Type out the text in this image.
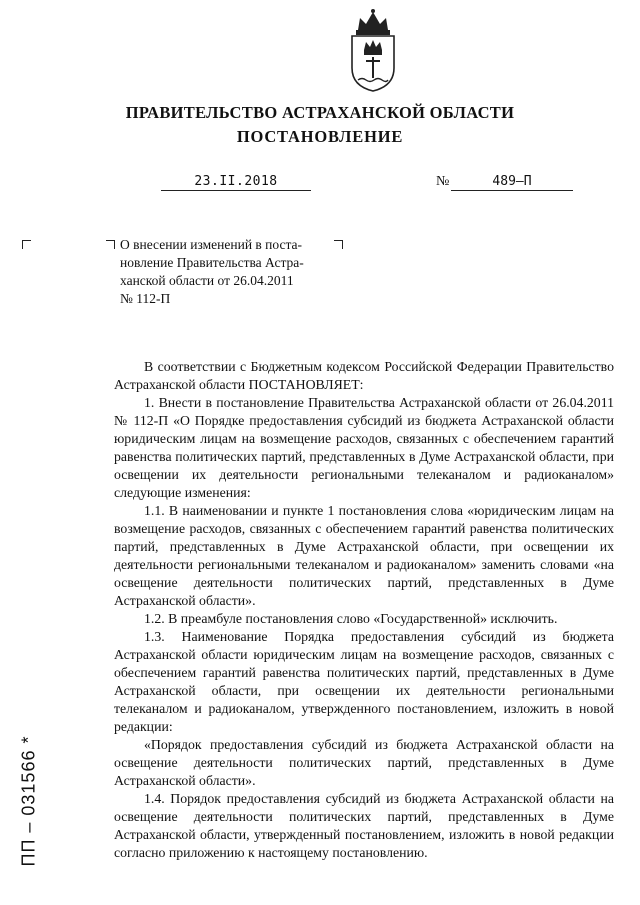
ПРАВИТЕЛЬСТВО АСТРАХАНСКОЙ ОБЛАСТИ
ПОСТАНОВЛЕНИЕ
23.II.2018	№	489–П
О внесении изменений в поста-
новление Правительства Астра-
ханской области от 26.04.2011
№ 112-П

В соответствии с Бюджетным кодексом Российской Федерации Правительство Астраханской области ПОСТАНОВЛЯЕТ:

1. Внести в постановление Правительства Астраханской области от 26.04.2011 № 112-П «О Порядке предоставления субсидий из бюджета Астраханской области юридическим лицам на возмещение расходов, связанных с обеспечением гарантий равенства политических партий, представленных в Думе Астраханской области, при освещении их деятельности региональными телеканалом и радиоканалом» следующие изменения:

1.1. В наименовании и пункте 1 постановления слова «юридическим лицам на возмещение расходов, связанных с обеспечением гарантий равенства политических партий, представленных в Думе Астраханской области, при освещении их деятельности региональными телеканалом и радиоканалом» заменить словами «на освещение деятельности политических партий, представленных в Думе Астраханской области».

1.2. В преамбуле постановления слово «Государственной» исключить.

1.3. Наименование Порядка предоставления субсидий из бюджета Астраханской области юридическим лицам на возмещение расходов, связанных с обеспечением гарантий равенства политических партий, представленных в Думе Астраханской области, при освещении их деятельности региональными телеканалом и радиоканалом, утвержденного постановлением, изложить в новой редакции:

«Порядок предоставления субсидий из бюджета Астраханской области на освещение деятельности политических партий, представленных в Думе Астраханской области».

1.4. Порядок предоставления субсидий из бюджета Астраханской области на освещение деятельности политических партий, представленных в Думе Астраханской области, утвержденный постановлением, изложить в новой редакции согласно приложению к настоящему постановлению.

ПП – 031566 *
